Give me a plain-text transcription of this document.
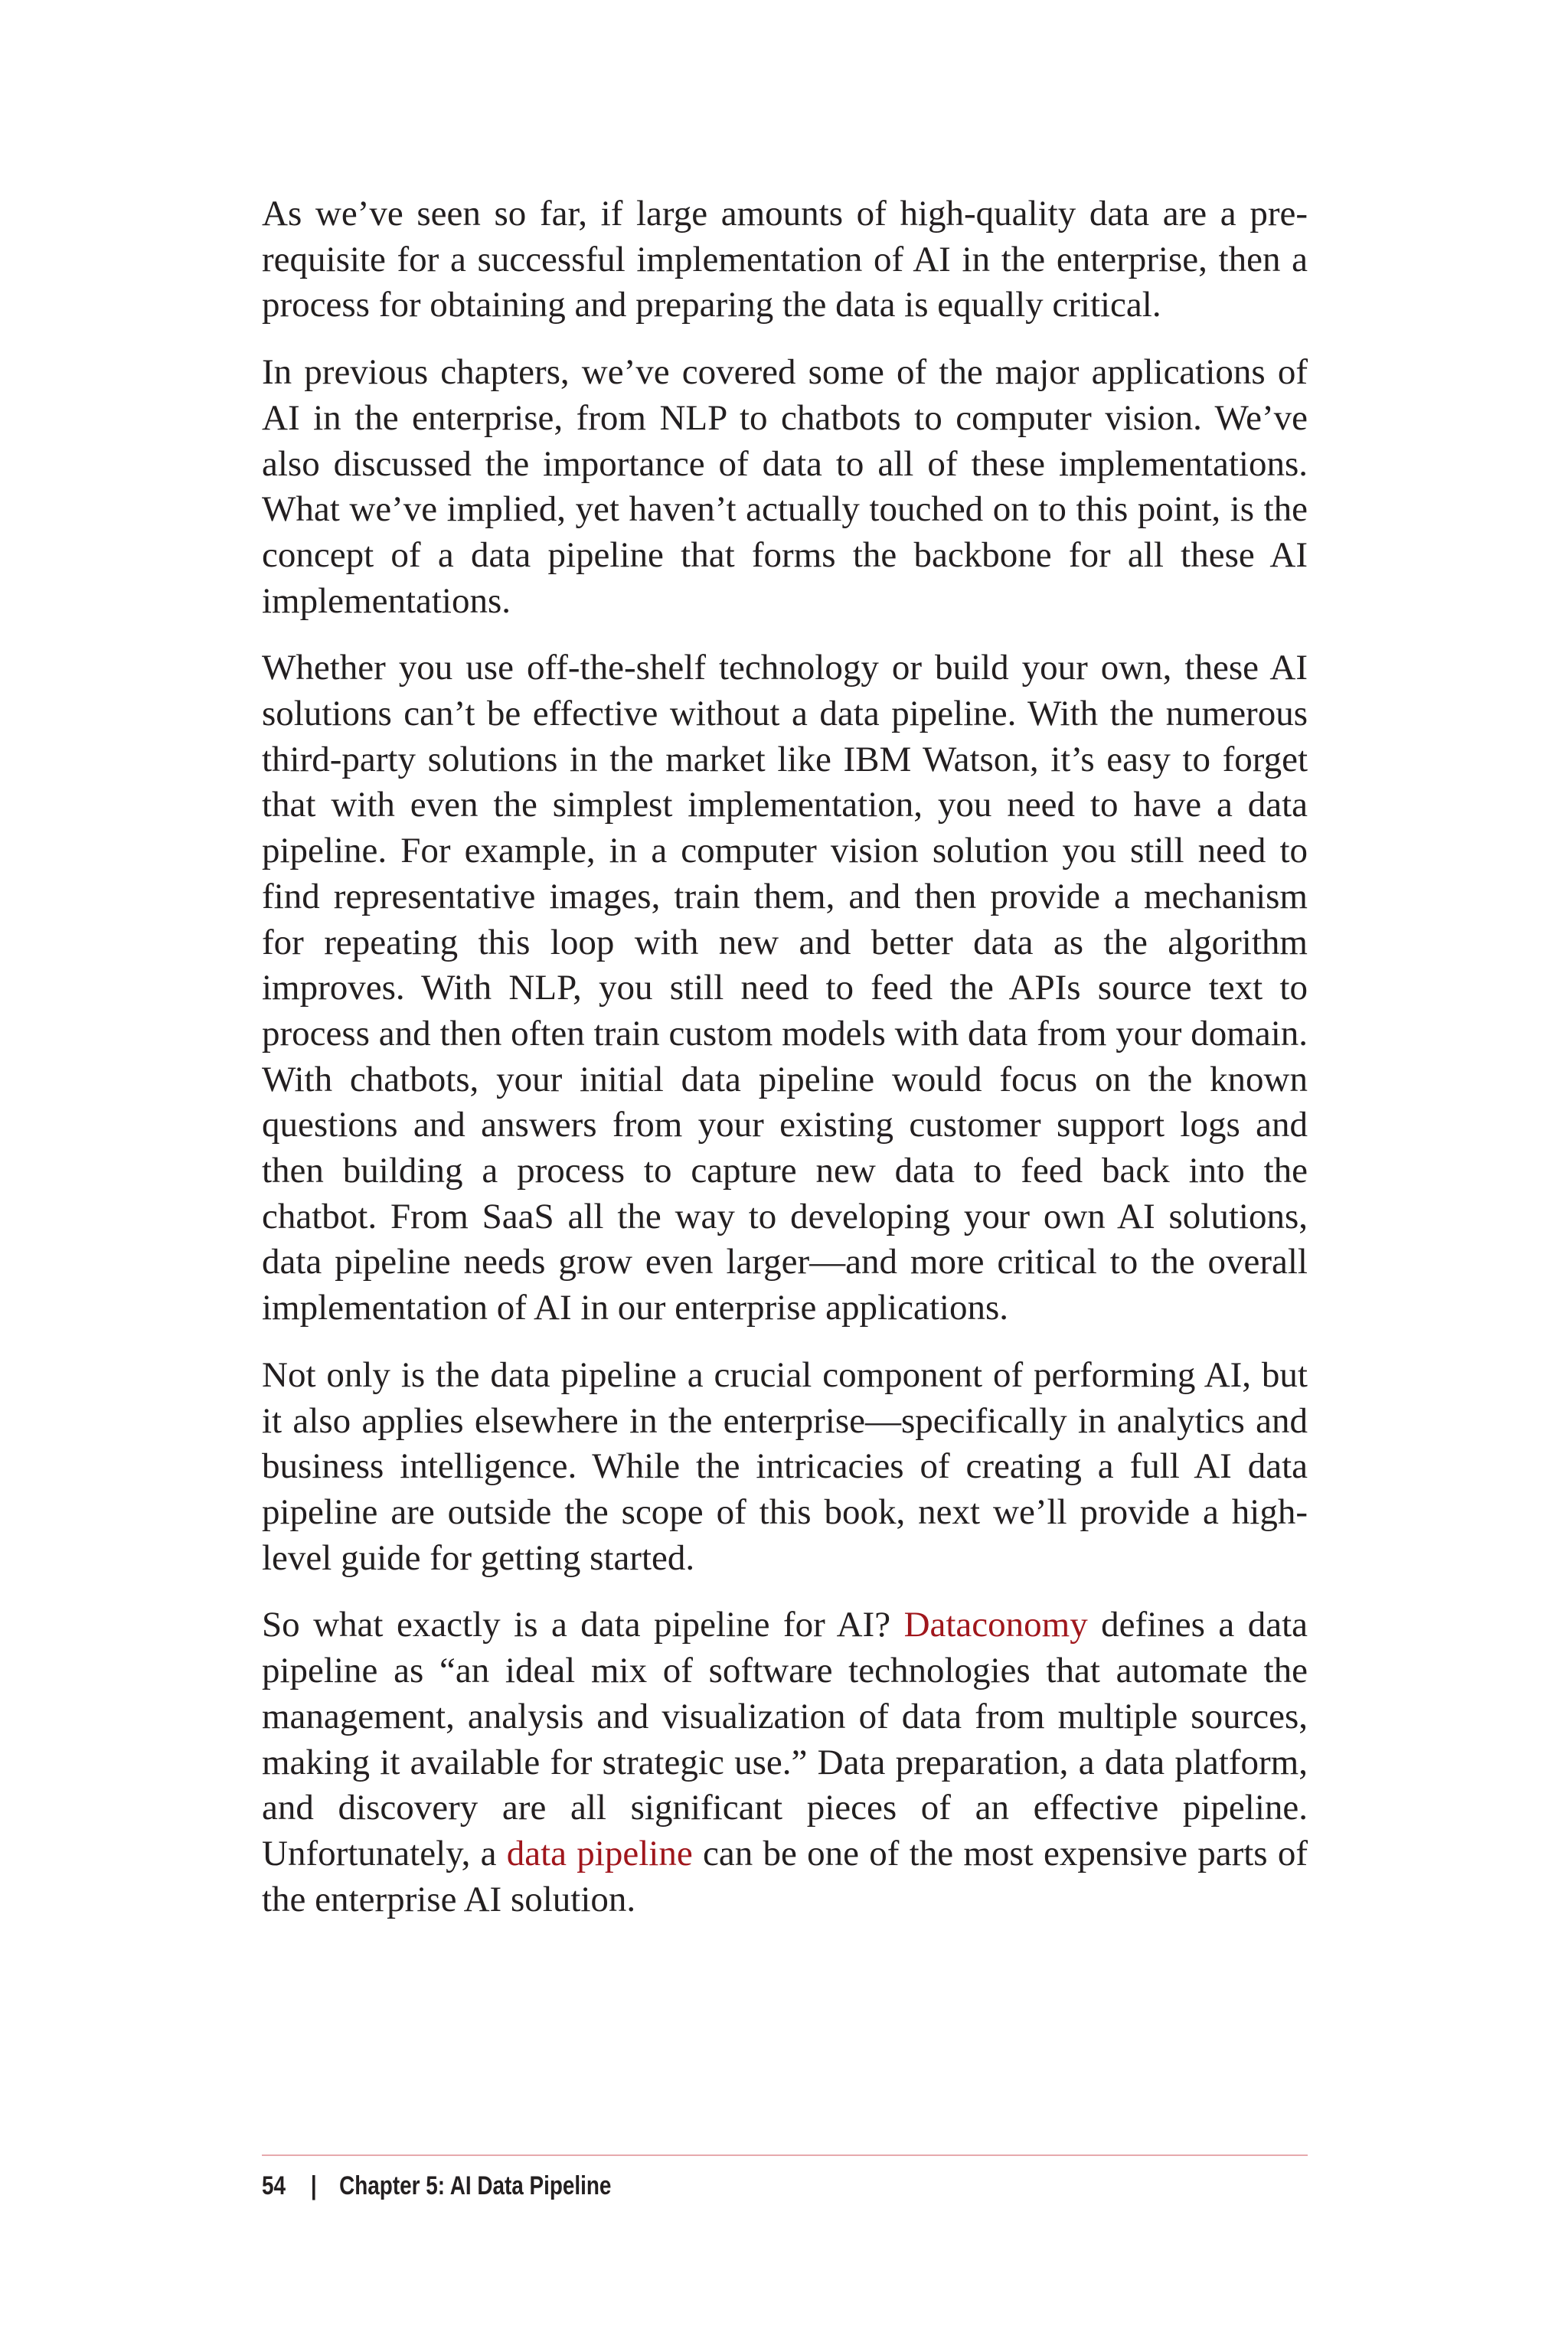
As we’ve seen so far, if large amounts of high-quality data are a prerequisite for a successful implementation of AI in the enterprise, then a process for obtaining and preparing the data is equally critical.

In previous chapters, we’ve covered some of the major applications of AI in the enterprise, from NLP to chatbots to computer vision. We’ve also discussed the importance of data to all of these implementations. What we’ve implied, yet haven’t actually touched on to this point, is the concept of a data pipeline that forms the backbone for all these AI implementations.

Whether you use off-the-shelf technology or build your own, these AI solutions can’t be effective without a data pipeline. With the numerous third-party solutions in the market like IBM Watson, it’s easy to forget that with even the simplest implementation, you need to have a data pipeline. For example, in a computer vision solution you still need to find representative images, train them, and then provide a mechanism for repeating this loop with new and better data as the algorithm improves. With NLP, you still need to feed the APIs source text to process and then often train custom models with data from your domain. With chatbots, your initial data pipeline would focus on the known questions and answers from your existing customer support logs and then building a process to capture new data to feed back into the chatbot. From SaaS all the way to developing your own AI solutions, data pipeline needs grow even larger—and more critical to the overall implementation of AI in our enterprise applications.

Not only is the data pipeline a crucial component of performing AI, but it also applies elsewhere in the enterprise—specifically in analytics and business intelligence. While the intricacies of creating a full AI data pipeline are outside the scope of this book, next we’ll provide a high-level guide for getting started.

So what exactly is a data pipeline for AI? Dataconomy defines a data pipeline as “an ideal mix of software technologies that automate the management, analysis and visualization of data from multiple sources, making it available for strategic use.” Data preparation, a data platform, and discovery are all significant pieces of an effective pipeline. Unfortunately, a data pipeline can be one of the most expensive parts of the enterprise AI solution.

54 | Chapter 5: AI Data Pipeline
